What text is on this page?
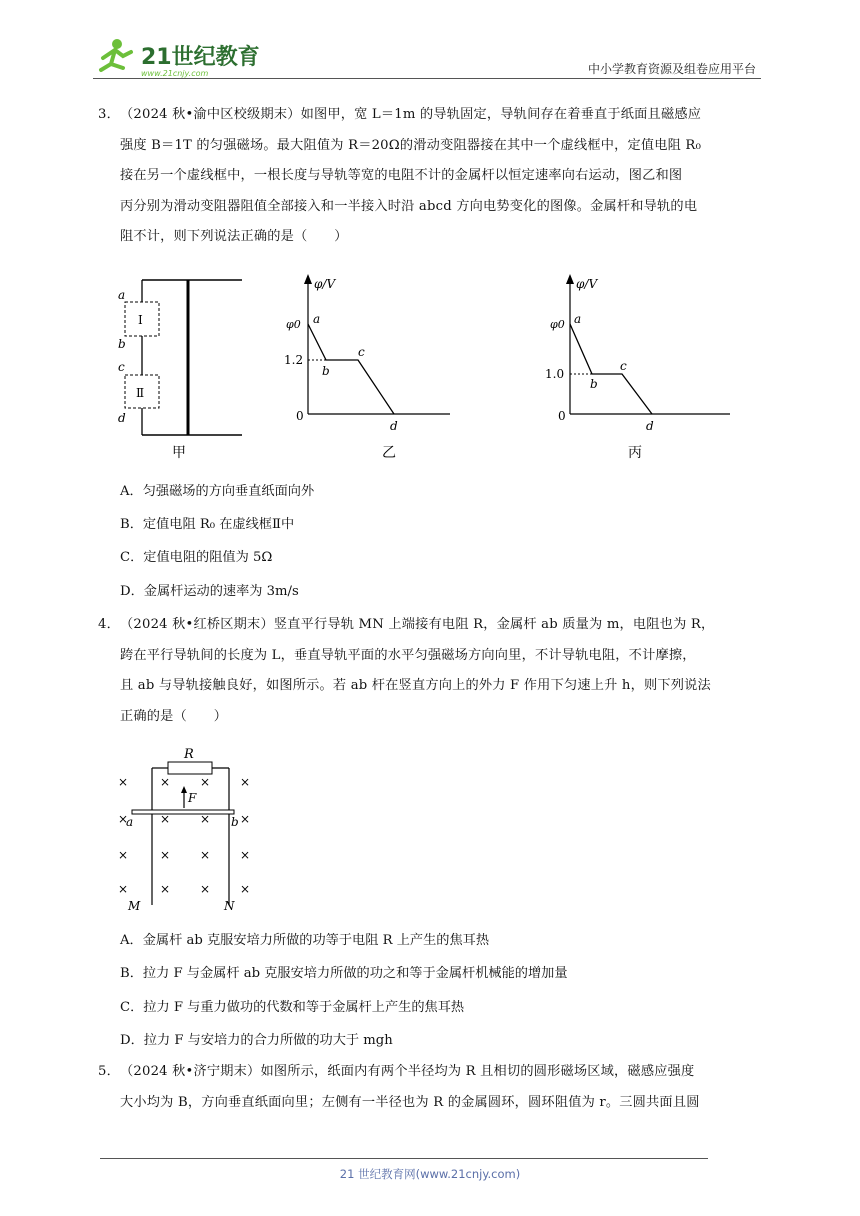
21世纪教育
www.21cnjy.com	中小学教育资源及组卷应用平台
3． （2024 秋•渝中区校级期末）如图甲，宽 L＝1m 的导轨固定，导轨间存在着垂直于纸面且磁感应
强度 B＝1T 的匀强磁场。最大阻值为 R＝20Ω的滑动变阻器接在其中一个虚线框中，定值电阻 R₀
接在另一个虚线框中，一根长度与导轨等宽的电阻不计的金属杆以恒定速率向右运动，图乙和图
丙分别为滑动变阻器阻值全部接入和一半接入时沿 abcd 方向电势变化的图像。金属杆和导轨的电
阻不计，则下列说法正确的是（　　）
I
Ⅱ
a
b
c
d
甲
φ/V
φ0
1.2
0
a
b
c
d
乙
φ/V
φ0
1.0
0
a
b
c
d
丙
A．匀强磁场的方向垂直纸面向外
B．定值电阻 R₀ 在虚线框Ⅱ中
C．定值电阻的阻值为 5Ω
D．金属杆运动的速率为 3m/s
4． （2024 秋•红桥区期末）竖直平行导轨 MN 上端接有电阻 R，金属杆 ab 质量为 m，电阻也为 R，
跨在平行导轨间的长度为 L，垂直导轨平面的水平匀强磁场方向向里，不计导轨电阻，不计摩擦，
且 ab 与导轨接触良好，如图所示。若 ab 杆在竖直方向上的外力 F 作用下匀速上升 h，则下列说法
正确的是（　　）
R
F
a	b
M	N
×	× × ×
×	× × ×
×	× × ×
×	× × ×
A．金属杆 ab 克服安培力所做的功等于电阻 R 上产生的焦耳热
B．拉力 F 与金属杆 ab 克服安培力所做的功之和等于金属杆机械能的增加量
C．拉力 F 与重力做功的代数和等于金属杆上产生的焦耳热
D．拉力 F 与安培力的合力所做的功大于 mgh
5． （2024 秋•济宁期末）如图所示，纸面内有两个半径均为 R 且相切的圆形磁场区域，磁感应强度
大小均为 B，方向垂直纸面向里；左侧有一半径也为 R 的金属圆环，圆环阻值为 r。三圆共面且圆
21 世纪教育网(www.21cnjy.com)
